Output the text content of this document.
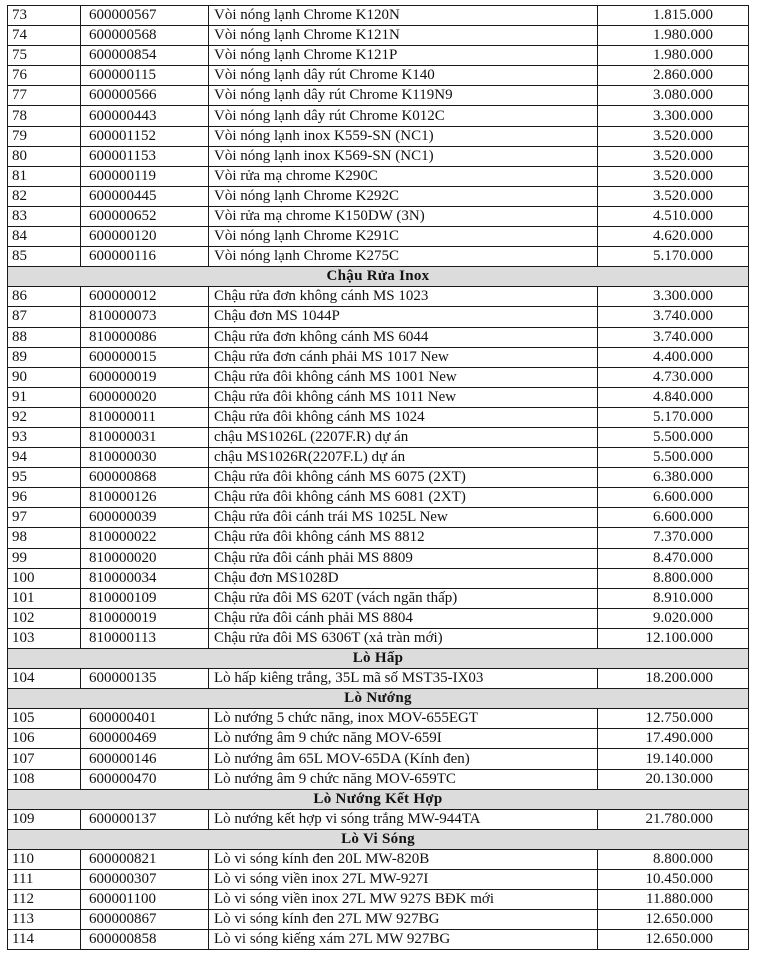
73	600000567	Vòi nóng lạnh Chrome K120N	1.815.000
74	600000568	Vòi nóng lạnh Chrome K121N	1.980.000
75	600000854	Vòi nóng lạnh Chrome K121P	1.980.000
76	600000115	Vòi nóng lạnh dây rút Chrome K140	2.860.000
77	600000566	Vòi nóng lạnh dây rút Chrome K119N9	3.080.000
78	600000443	Vòi nóng lạnh dây rút Chrome K012C	3.300.000
79	600001152	Vòi nóng lạnh inox K559-SN (NC1)	3.520.000
80	600001153	Vòi nóng lạnh inox K569-SN (NC1)	3.520.000
81	600000119	Vòi rửa mạ chrome K290C	3.520.000
82	600000445	Vòi nóng lạnh Chrome K292C	3.520.000
83	600000652	Vòi rửa mạ chrome K150DW (3N)	4.510.000
84	600000120	Vòi nóng lạnh Chrome K291C	4.620.000
85	600000116	Vòi nóng lạnh Chrome K275C	5.170.000
Chậu Rửa Inox			
86	600000012	Chậu rửa đơn không cánh MS 1023	3.300.000
87	810000073	Chậu đơn MS 1044P	3.740.000
88	810000086	Chậu rửa đơn không cánh MS 6044	3.740.000
89	600000015	Chậu rửa đơn cánh phải MS 1017 New	4.400.000
90	600000019	Chậu rửa đôi không cánh MS 1001 New	4.730.000
91	600000020	Chậu rửa đôi không cánh MS 1011 New	4.840.000
92	810000011	Chậu rửa đôi không cánh MS 1024	5.170.000
93	810000031	chậu MS1026L (2207F.R) dự án	5.500.000
94	810000030	chậu MS1026R(2207F.L) dự án	5.500.000
95	600000868	Chậu rửa đôi không cánh MS 6075 (2XT)	6.380.000
96	810000126	Chậu rửa đôi không cánh MS 6081 (2XT)	6.600.000
97	600000039	Chậu rửa đôi cánh trái MS 1025L New	6.600.000
98	810000022	Chậu rửa đôi không cánh MS 8812	7.370.000
99	810000020	Chậu rửa đôi cánh phải MS 8809	8.470.000
100	810000034	Chậu đơn MS1028D	8.800.000
101	810000109	Chậu rửa đôi MS 620T (vách ngăn thấp)	8.910.000
102	810000019	Chậu rửa đôi cánh phải MS 8804	9.020.000
103	810000113	Chậu rửa đôi MS 6306T (xả tràn mới)	12.100.000
Lò Hấp			
104	600000135	Lò hấp kiêng trắng, 35L mã số MST35-IX03	18.200.000
Lò Nướng			
105	600000401	Lò nướng 5 chức năng, inox MOV-655EGT	12.750.000
106	600000469	Lò nướng âm 9 chức năng MOV-659I	17.490.000
107	600000146	Lò nướng âm 65L MOV-65DA (Kính đen)	19.140.000
108	600000470	Lò nướng âm 9 chức năng MOV-659TC	20.130.000
Lò Nướng Kết Hợp			
109	600000137	Lò nướng kết hợp vi sóng trắng MW-944TA	21.780.000
Lò Vi Sóng			
110	600000821	Lò vi sóng kính đen 20L MW-820B	8.800.000
111	600000307	Lò vi sóng viền inox 27L MW-927I	10.450.000
112	600001100	Lò vi sóng viền inox 27L MW 927S BĐK mới	11.880.000
113	600000867	Lò vi sóng kính đen 27L MW 927BG	12.650.000
114	600000858	Lò vi sóng kiếng xám 27L MW 927BG	12.650.000
